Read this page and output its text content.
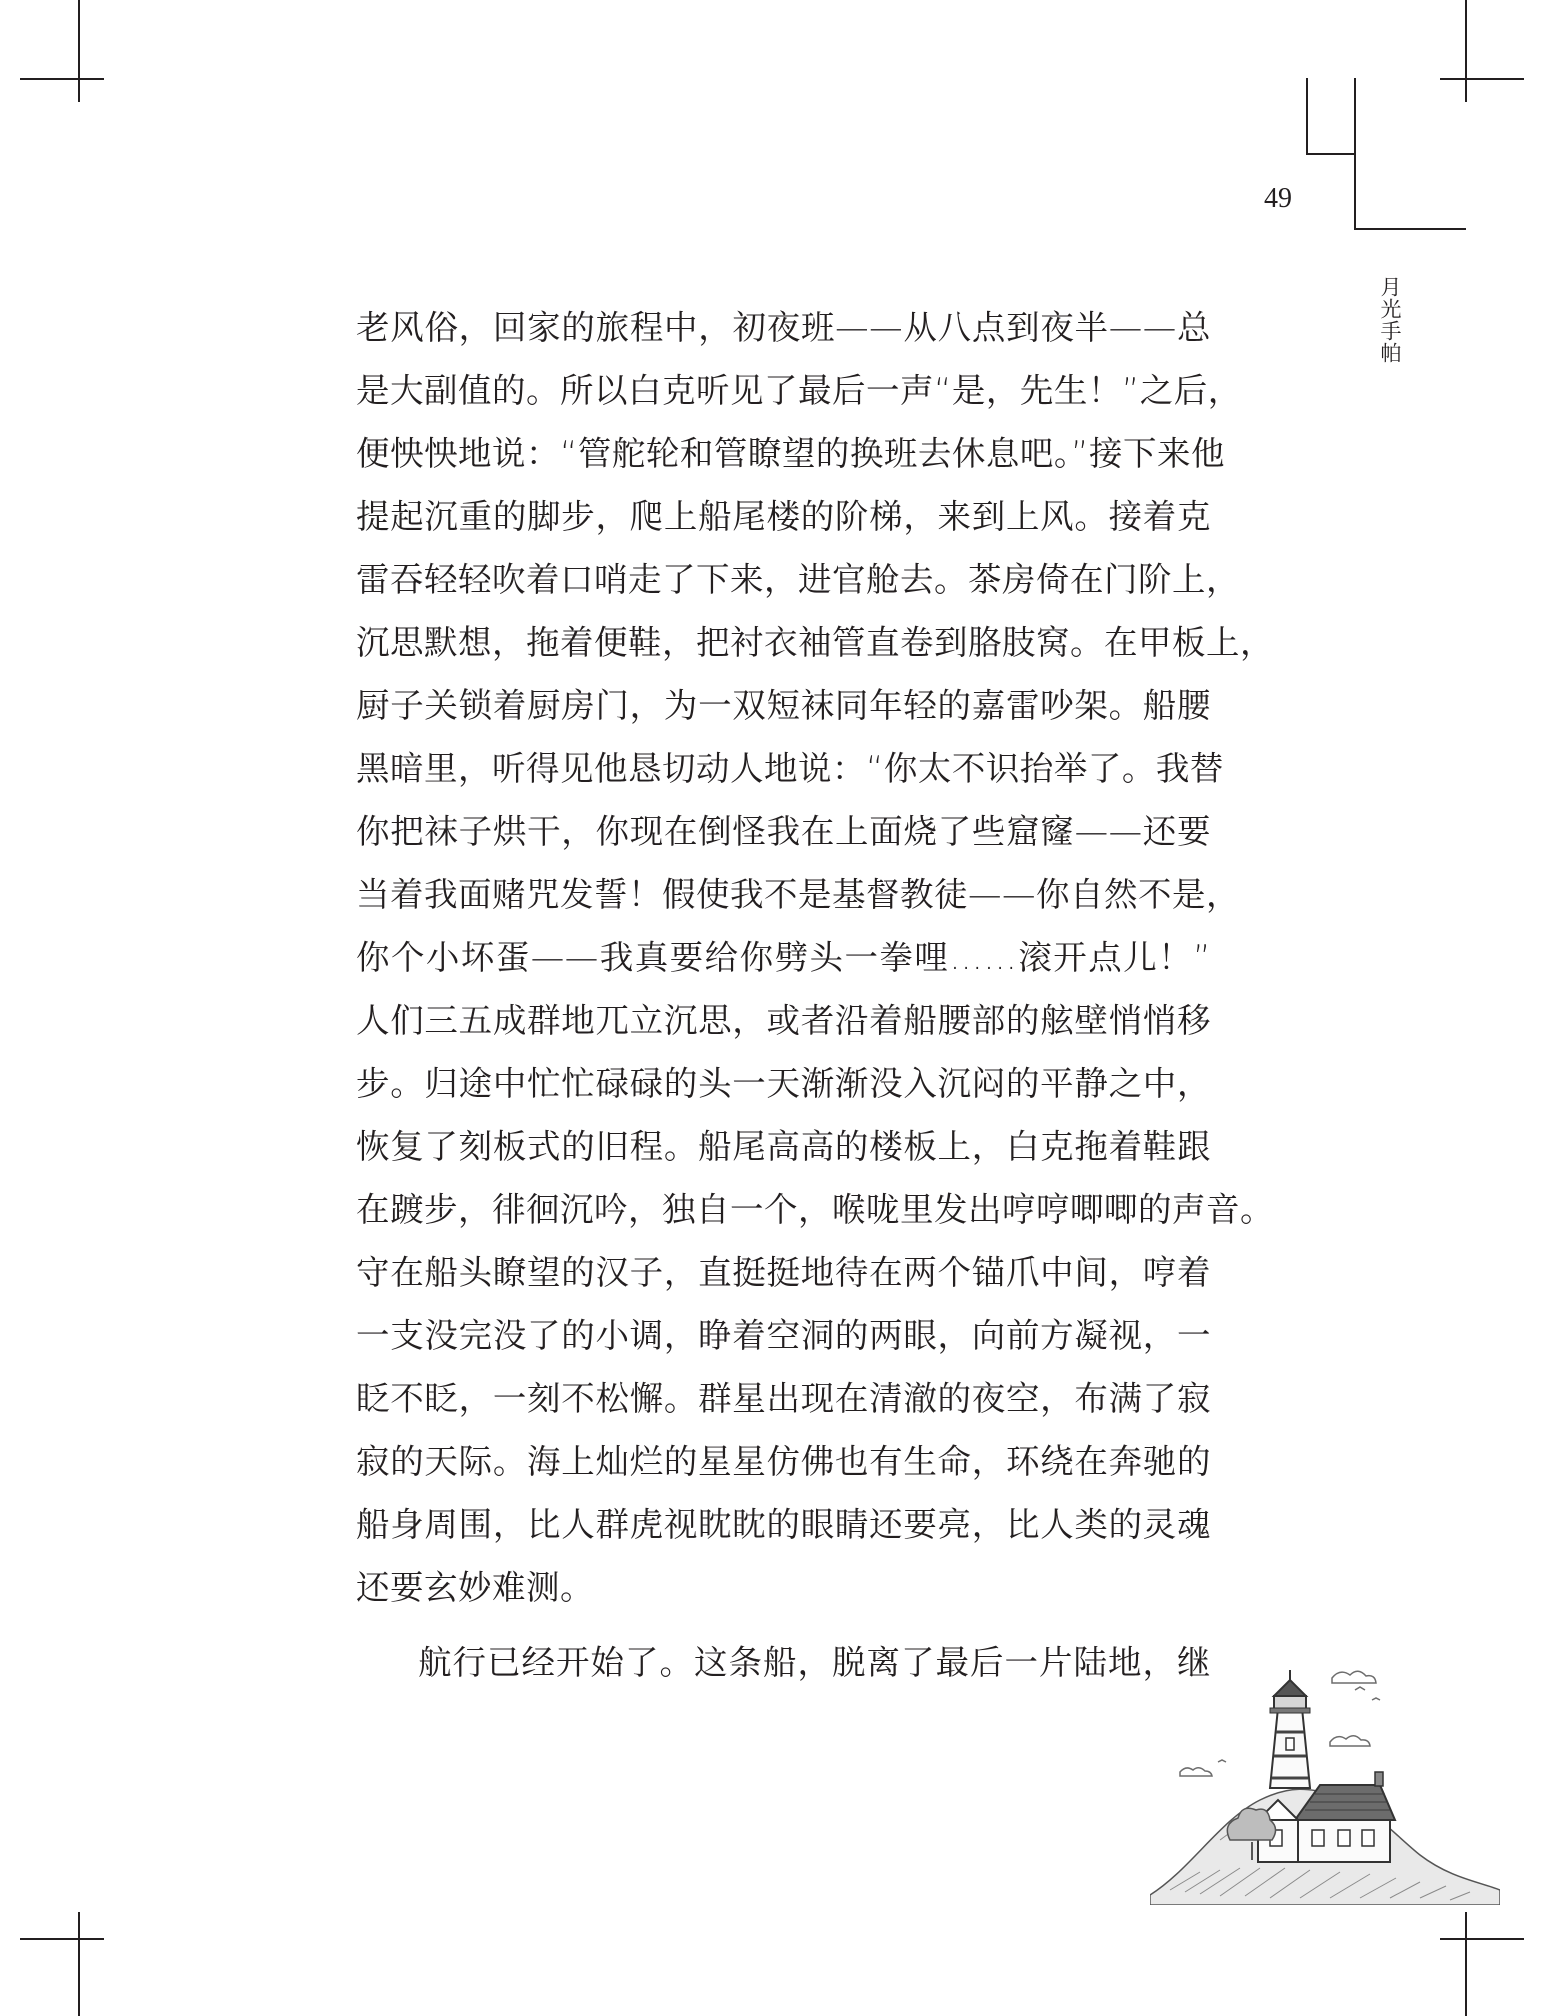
49
月光手帕
老风俗，回家的旅程中，初夜班——从八点到夜半——总
是大副值的。所以白克听见了最后一声“是，先生！”之后，
便怏怏地说：“管舵轮和管瞭望的换班去休息吧。”接下来他
提起沉重的脚步，爬上船尾楼的阶梯，来到上风。接着克
雷吞轻轻吹着口哨走了下来，进官舱去。茶房倚在门阶上，
沉思默想，拖着便鞋，把衬衣袖管直卷到胳肢窝。在甲板上，
厨子关锁着厨房门，为一双短袜同年轻的嘉雷吵架。船腰
黑暗里，听得见他恳切动人地说：“你太不识抬举了。我替
你把袜子烘干，你现在倒怪我在上面烧了些窟窿——还要
当着我面赌咒发誓！假使我不是基督教徒——你自然不是，
你个小坏蛋——我真要给你劈头一拳哩……滚开点儿！”
人们三五成群地兀立沉思，或者沿着船腰部的舷壁悄悄移
步。归途中忙忙碌碌的头一天渐渐没入沉闷的平静之中，
恢复了刻板式的旧程。船尾高高的楼板上，白克拖着鞋跟
在踱步，徘徊沉吟，独自一个，喉咙里发出哼哼唧唧的声音。
守在船头瞭望的汉子，直挺挺地待在两个锚爪中间，哼着
一支没完没了的小调，睁着空洞的两眼，向前方凝视，一
眨不眨，一刻不松懈。群星出现在清澈的夜空，布满了寂
寂的天际。海上灿烂的星星仿佛也有生命，环绕在奔驰的
船身周围，比人群虎视眈眈的眼睛还要亮，比人类的灵魂
还要玄妙难测。
航行已经开始了。这条船，脱离了最后一片陆地，继
